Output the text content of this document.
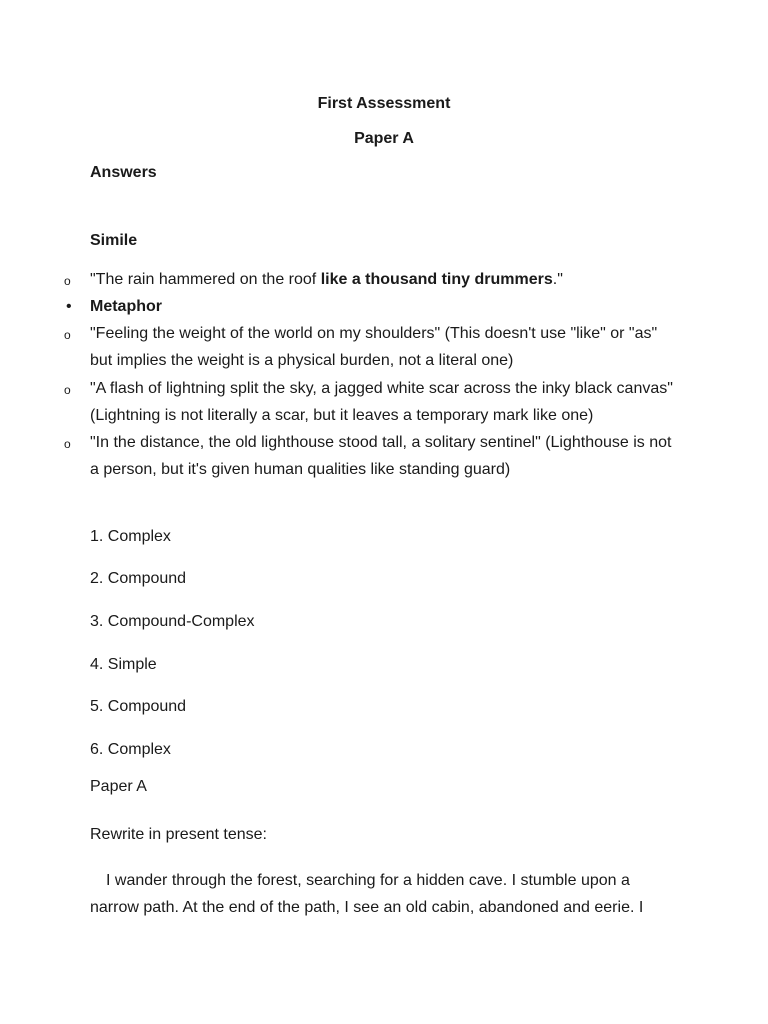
First Assessment
Paper A
Answers
Simile
o "The rain hammered on the roof like a thousand tiny drummers."
• Metaphor
o "Feeling the weight of the world on my shoulders" (This doesn't use "like" or "as" but implies the weight is a physical burden, not a literal one)
o "A flash of lightning split the sky, a jagged white scar across the inky black canvas" (Lightning is not literally a scar, but it leaves a temporary mark like one)
o "In the distance, the old lighthouse stood tall, a solitary sentinel" (Lighthouse is not a person, but it's given human qualities like standing guard)
1. Complex
2. Compound
3. Compound-Complex
4. Simple
5. Compound
6. Complex
Paper A
Rewrite in present tense:
I wander through the forest, searching for a hidden cave. I stumble upon a narrow path. At the end of the path, I see an old cabin, abandoned and eerie. I
